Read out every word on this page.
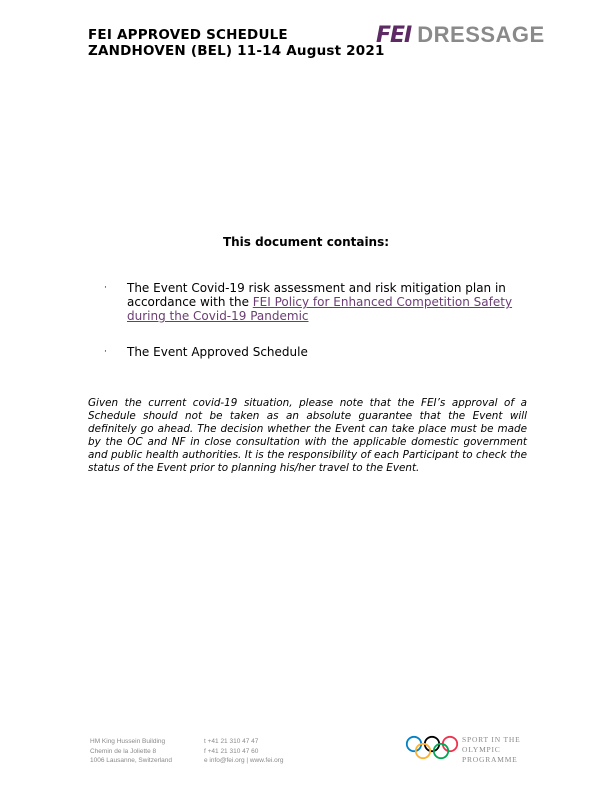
FEI APPROVED SCHEDULE
ZANDHOVEN (BEL) 11-14 August 2021
FEI DRESSAGE
This document contains:
·	The Event Covid-19 risk assessment and risk mitigation plan in accordance with the FEI Policy for Enhanced Competition Safety during the Covid-19 Pandemic
·	The Event Approved Schedule
Given the current covid-19 situation, please note that the FEI’s approval of a Schedule should not be taken as an absolute guarantee that the Event will definitely go ahead. The decision whether the Event can take place must be made by the OC and NF in close consultation with the applicable domestic government and public health authorities. It is the responsibility of each Participant to check the status of the Event prior to planning his/her travel to the Event.
HM King Hussein Building
Chemin de la Joliette 8
1006 Lausanne, Switzerland
t +41 21 310 47 47
f +41 21 310 47 60
e info@fei.org | www.fei.org
SPORT IN THE
OLYMPIC
PROGRAMME
